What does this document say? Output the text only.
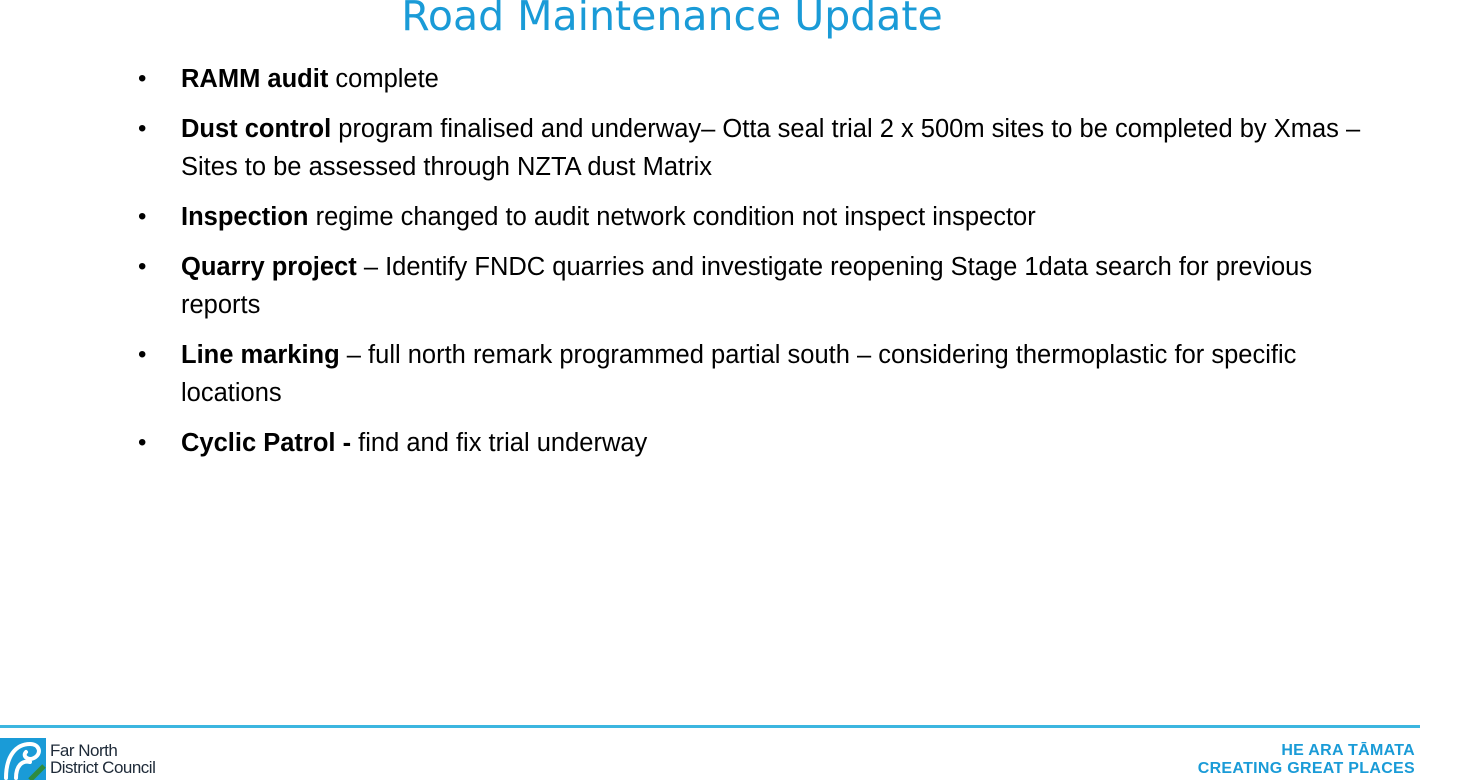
Road Maintenance Update
• RAMM audit complete
• Dust control program finalised and underway– Otta seal trial 2 x 500m sites to be completed by Xmas – Sites to be assessed through NZTA dust Matrix
• Inspection regime changed to audit network condition not inspect inspector
• Quarry project – Identify FNDC quarries and investigate reopening Stage 1data search for previous reports
• Line marking – full north remark programmed partial south – considering thermoplastic for specific locations
• Cyclic Patrol - find and fix trial underway
Far North
District Council
HE ARA TĀMATA
CREATING GREAT PLACES
